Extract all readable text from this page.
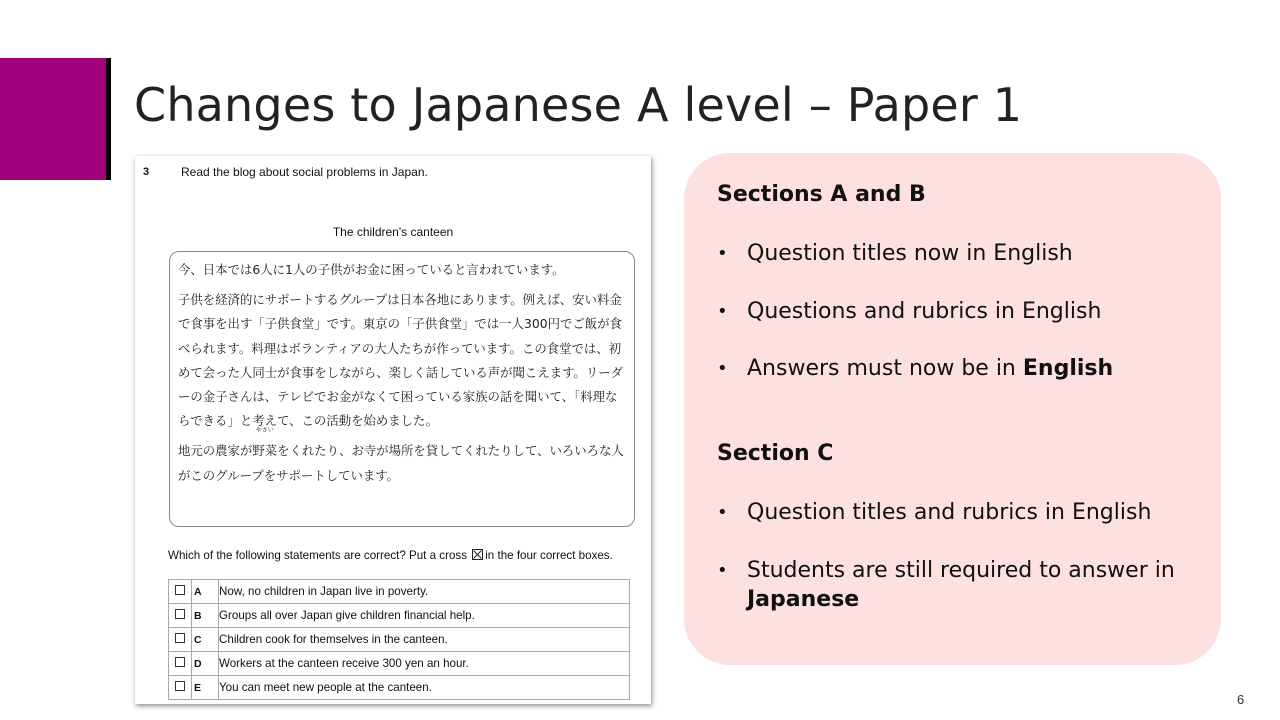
Changes to Japanese A level – Paper 1
3	Read the blog about social problems in Japan.
The children's canteen

今、日本では6人に1人の子供がお金に困っていると言われています。

子供を経済的にサポートするグループは日本各地にあります。例えば、安い料金で食事を出す「子供食堂」です。東京の「子供食堂」では一人300円でご飯が食べられます。料理はボランティアの大人たちが作っています。この食堂では、初めて会った人同士が食事をしながら、楽しく話している声が聞こえます。リーダーの金子さんは、テレビでお金がなくて困っている家族の話を聞いて、「料理ならできる」と考えて、この活動を始めました。

地元の農家が
やさい
野菜をくれたり、お寺が場所を貸してくれたりして、いろいろな人がこのグループをサポートしています。

Which of the following statements are correct? Put a cross ☒ in the four correct boxes.
	A	Now, no children in Japan live in poverty.
	B	Groups all over Japan give children financial help.
	C	Children cook for themselves in the canteen.
	D	Workers at the canteen receive 300 yen an hour.
	E	You can meet new people at the canteen.
Sections A and B
• Question titles now in English
• Questions and rubrics in English
• Answers must now be in English
Section C
• Question titles and rubrics in English
• Students are still required to answer in Japanese
6
